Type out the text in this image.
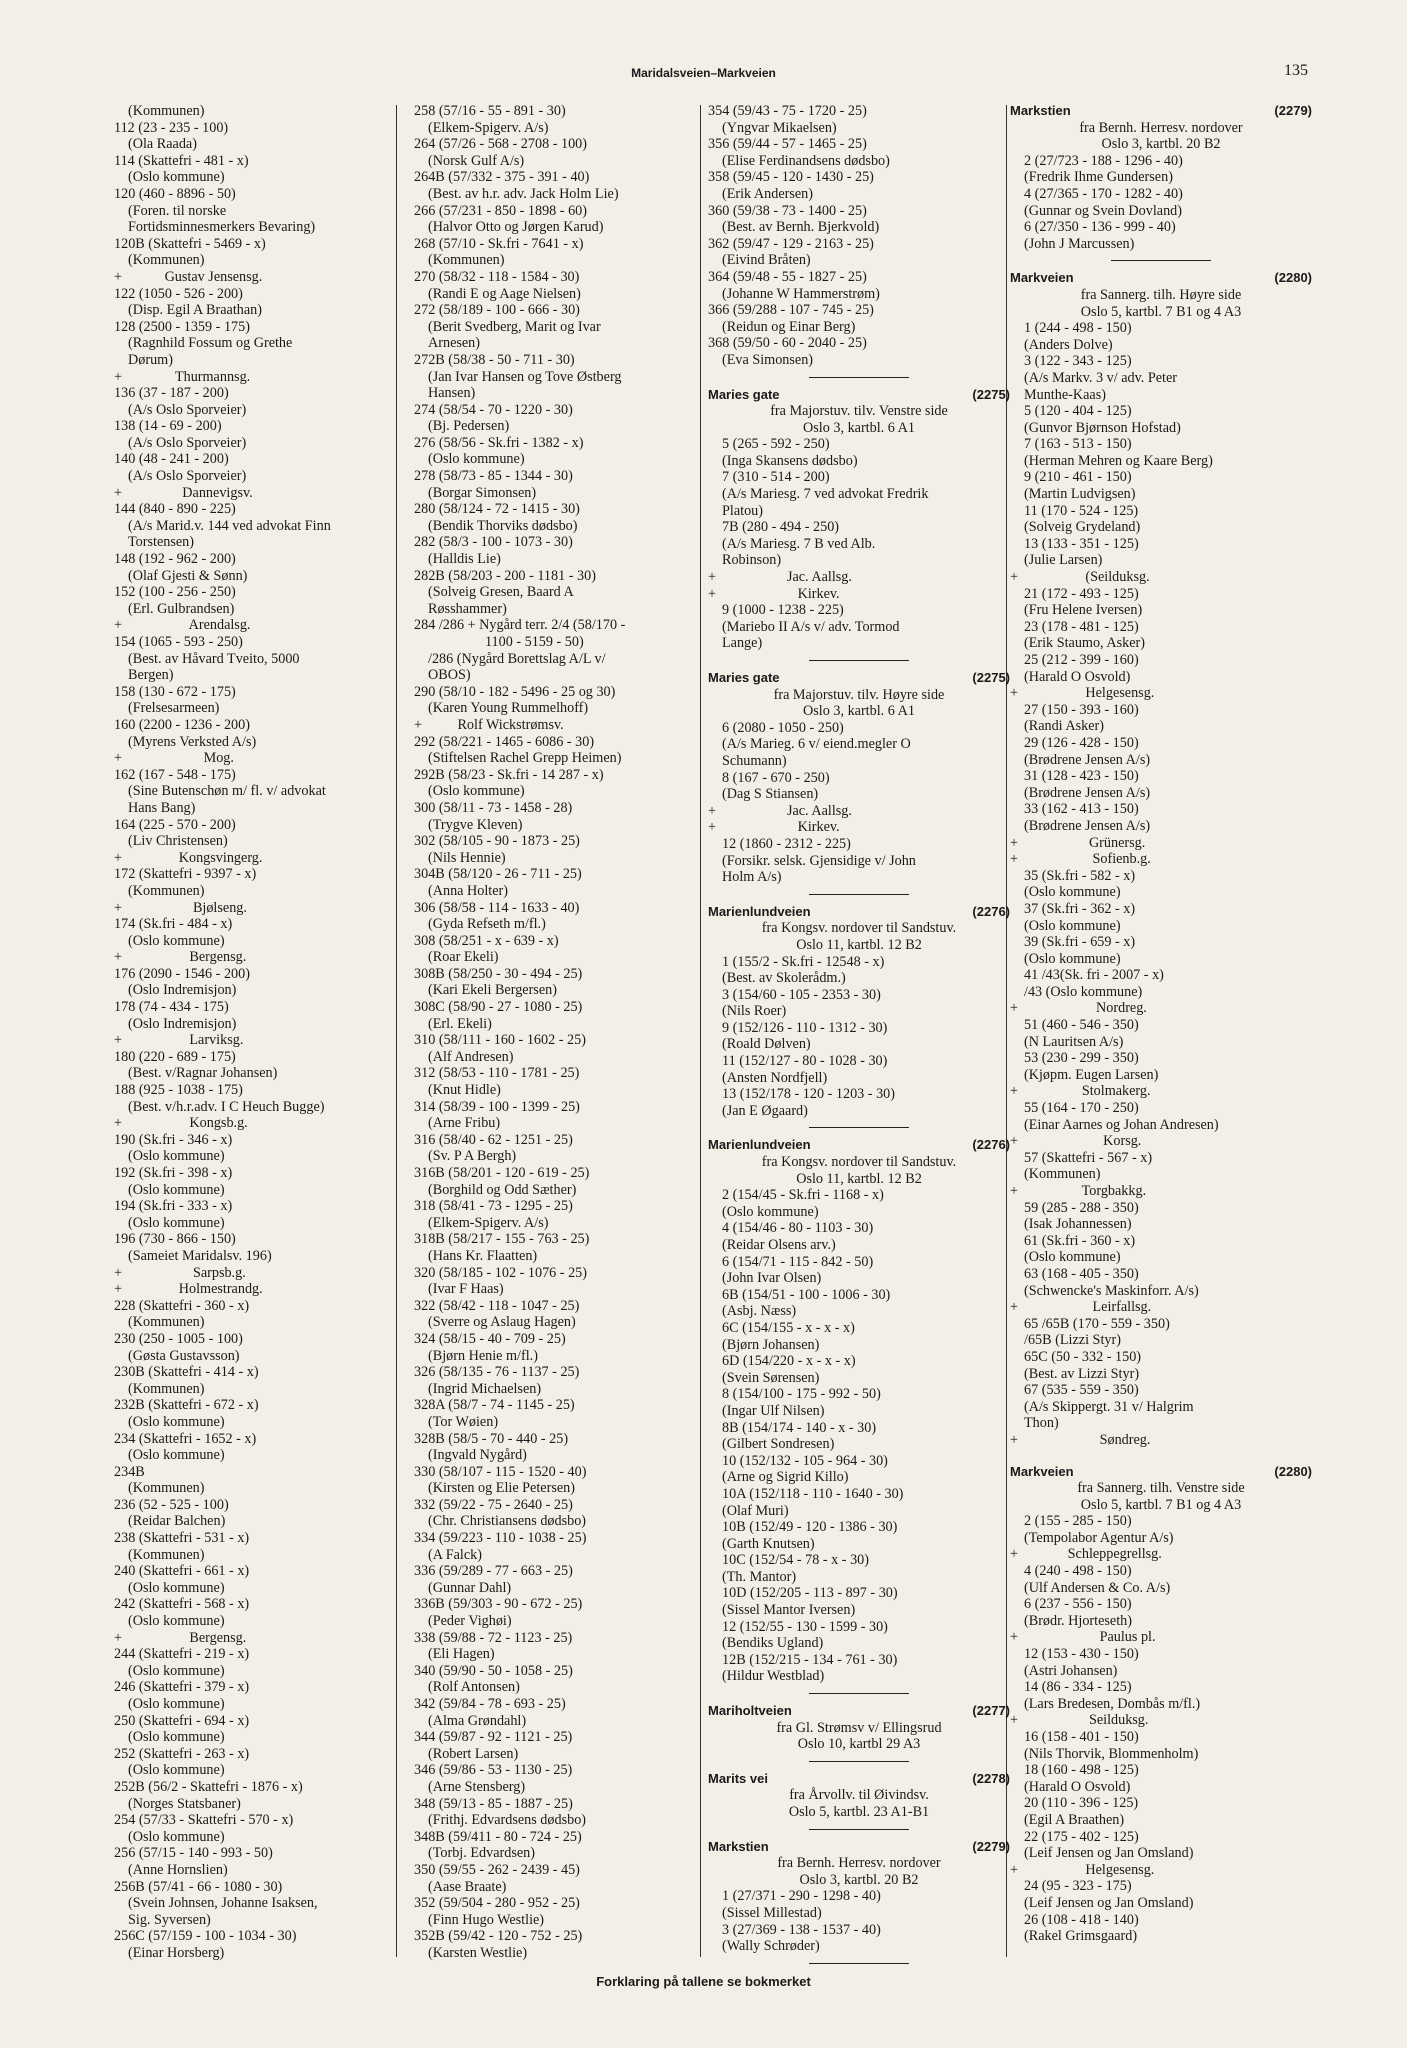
Maridalsveien–Markveien	135
(Kommunen)
112 (23 - 235 - 100)
(Ola Raada)
114 (Skattefri - 481 - x)
(Oslo kommune)
120 (460 - 8896 - 50)
(Foren. til norske
Fortidsminnesmerkers Bevaring)
120B (Skattefri - 5469 - x)
(Kommunen)
+            Gustav Jensensg.
122 (1050 - 526 - 200)
(Disp. Egil A Braathan)
128 (2500 - 1359 - 175)
(Ragnhild Fossum og Grethe
Dørum)
+               Thurmannsg.
136 (37 - 187 - 200)
(A/s Oslo Sporveier)
138 (14 - 69 - 200)
(A/s Oslo Sporveier)
140 (48 - 241 - 200)
(A/s Oslo Sporveier)
+                 Dannevigsv.
144 (840 - 890 - 225)
(A/s Marid.v. 144 ved advokat Finn
Torstensen)
148 (192 - 962 - 200)
(Olaf Gjesti & Sønn)
152 (100 - 256 - 250)
(Erl. Gulbrandsen)
+                   Arendalsg.
154 (1065 - 593 - 250)
(Best. av Håvard Tveito, 5000
Bergen)
158 (130 - 672 - 175)
(Frelsesarmeen)
160 (2200 - 1236 - 200)
(Myrens Verksted A/s)
+                       Mog.
162 (167 - 548 - 175)
(Sine Butenschøn m/ fl. v/ advokat
Hans Bang)
164 (225 - 570 - 200)
(Liv Christensen)
+                Kongsvingerg.
172 (Skattefri - 9397 - x)
(Kommunen)
+                    Bjølseng.
174 (Sk.fri - 484 - x)
(Oslo kommune)
+                   Bergensg.
176 (2090 - 1546 - 200)
(Oslo Indremisjon)
178 (74 - 434 - 175)
(Oslo Indremisjon)
+                   Larviksg.
180 (220 - 689 - 175)
(Best. v/Ragnar Johansen)
188 (925 - 1038 - 175)
(Best. v/h.r.adv. I C Heuch Bugge)
+                   Kongsb.g.
190 (Sk.fri - 346 - x)
(Oslo kommune)
192 (Sk.fri - 398 - x)
(Oslo kommune)
194 (Sk.fri - 333 - x)
(Oslo kommune)
196 (730 - 866 - 150)
(Sameiet Maridalsv. 196)
+                    Sarpsb.g.
+                Holmestrandg.
228 (Skattefri - 360 - x)
(Kommunen)
230 (250 - 1005 - 100)
(Gøsta Gustavsson)
230B (Skattefri - 414 - x)
(Kommunen)
232B (Skattefri - 672 - x)
(Oslo kommune)
234 (Skattefri - 1652 - x)
(Oslo kommune)
234B
(Kommunen)
236 (52 - 525 - 100)
(Reidar Balchen)
238 (Skattefri - 531 - x)
(Kommunen)
240 (Skattefri - 661 - x)
(Oslo kommune)
242 (Skattefri - 568 - x)
(Oslo kommune)
+                   Bergensg.
244 (Skattefri - 219 - x)
(Oslo kommune)
246 (Skattefri - 379 - x)
(Oslo kommune)
250 (Skattefri - 694 - x)
(Oslo kommune)
252 (Skattefri - 263 - x)
(Oslo kommune)
252B (56/2 - Skattefri - 1876 - x)
(Norges Statsbaner)
254 (57/33 - Skattefri - 570 - x)
(Oslo kommune)
256 (57/15 - 140 - 993 - 50)
(Anne Hornslien)
256B (57/41 - 66 - 1080 - 30)
(Svein Johnsen, Johanne Isaksen,
Sig. Syversen)
256C (57/159 - 100 - 1034 - 30)
(Einar Horsberg)
258 (57/16 - 55 - 891 - 30)
(Elkem-Spigerv. A/s)
264 (57/26 - 568 - 2708 - 100)
(Norsk Gulf A/s)
264B (57/332 - 375 - 391 - 40)
(Best. av h.r. adv. Jack Holm Lie)
266 (57/231 - 850 - 1898 - 60)
(Halvor Otto og Jørgen Karud)
268 (57/10 - Sk.fri - 7641 - x)
(Kommunen)
270 (58/32 - 118 - 1584 - 30)
(Randi E og Aage Nielsen)
272 (58/189 - 100 - 666 - 30)
(Berit Svedberg, Marit og Ivar
Arnesen)
272B (58/38 - 50 - 711 - 30)
(Jan Ivar Hansen og Tove Østberg
Hansen)
274 (58/54 - 70 - 1220 - 30)
(Bj. Pedersen)
276 (58/56 - Sk.fri - 1382 - x)
(Oslo kommune)
278 (58/73 - 85 - 1344 - 30)
(Borgar Simonsen)
280 (58/124 - 72 - 1415 - 30)
(Bendik Thorviks dødsbo)
282 (58/3 - 100 - 1073 - 30)
(Halldis Lie)
282B (58/203 - 200 - 1181 - 30)
(Solveig Gresen, Baard A
Røsshammer)
284 /286 + Nygård terr. 2/4 (58/170 -
1100 - 5159 - 50)
/286 (Nygård Borettslag A/L v/
OBOS)
290 (58/10 - 182 - 5496 - 25 og 30)
(Karen Young Rummelhoff)
+          Rolf Wickstrømsv.
292 (58/221 - 1465 - 6086 - 30)
(Stiftelsen Rachel Grepp Heimen)
292B (58/23 - Sk.fri - 14 287 - x)
(Oslo kommune)
300 (58/11 - 73 - 1458 - 28)
(Trygve Kleven)
302 (58/105 - 90 - 1873 - 25)
(Nils Hennie)
304B (58/120 - 26 - 711 - 25)
(Anna Holter)
306 (58/58 - 114 - 1633 - 40)
(Gyda Refseth m/fl.)
308 (58/251 - x - 639 - x)
(Roar Ekeli)
308B (58/250 - 30 - 494 - 25)
(Kari Ekeli Bergersen)
308C (58/90 - 27 - 1080 - 25)
(Erl. Ekeli)
310 (58/111 - 160 - 1602 - 25)
(Alf Andresen)
312 (58/53 - 110 - 1781 - 25)
(Knut Hidle)
314 (58/39 - 100 - 1399 - 25)
(Arne Fribu)
316 (58/40 - 62 - 1251 - 25)
(Sv. P A Bergh)
316B (58/201 - 120 - 619 - 25)
(Borghild og Odd Sæther)
318 (58/41 - 73 - 1295 - 25)
(Elkem-Spigerv. A/s)
318B (58/217 - 155 - 763 - 25)
(Hans Kr. Flaatten)
320 (58/185 - 102 - 1076 - 25)
(Ivar F Haas)
322 (58/42 - 118 - 1047 - 25)
(Sverre og Aslaug Hagen)
324 (58/15 - 40 - 709 - 25)
(Bjørn Henie m/fl.)
326 (58/135 - 76 - 1137 - 25)
(Ingrid Michaelsen)
328A (58/7 - 74 - 1145 - 25)
(Tor Wøien)
328B (58/5 - 70 - 440 - 25)
(Ingvald Nygård)
330 (58/107 - 115 - 1520 - 40)
(Kirsten og Elie Petersen)
332 (59/22 - 75 - 2640 - 25)
(Chr. Christiansens dødsbo)
334 (59/223 - 110 - 1038 - 25)
(A Falck)
336 (59/289 - 77 - 663 - 25)
(Gunnar Dahl)
336B (59/303 - 90 - 672 - 25)
(Peder Vighøi)
338 (59/88 - 72 - 1123 - 25)
(Eli Hagen)
340 (59/90 - 50 - 1058 - 25)
(Rolf Antonsen)
342 (59/84 - 78 - 693 - 25)
(Alma Grøndahl)
344 (59/87 - 92 - 1121 - 25)
(Robert Larsen)
346 (59/86 - 53 - 1130 - 25)
(Arne Stensberg)
348 (59/13 - 85 - 1887 - 25)
(Frithj. Edvardsens dødsbo)
348B (59/411 - 80 - 724 - 25)
(Torbj. Edvardsen)
350 (59/55 - 262 - 2439 - 45)
(Aase Braate)
352 (59/504 - 280 - 952 - 25)
(Finn Hugo Westlie)
352B (59/42 - 120 - 752 - 25)
(Karsten Westlie)
354 (59/43 - 75 - 1720 - 25)
(Yngvar Mikaelsen)
356 (59/44 - 57 - 1465 - 25)
(Elise Ferdinandsens dødsbo)
358 (59/45 - 120 - 1430 - 25)
(Erik Andersen)
360 (59/38 - 73 - 1400 - 25)
(Best. av Bernh. Bjerkvold)
362 (59/47 - 129 - 2163 - 25)
(Eivind Bråten)
364 (59/48 - 55 - 1827 - 25)
(Johanne W Hammerstrøm)
366 (59/288 - 107 - 745 - 25)
(Reidun og Einar Berg)
368 (59/50 - 60 - 2040 - 25)
(Eva Simonsen)
Maries gate	(2275)
fra Majorstuv. tilv. Venstre side
Oslo 3, kartbl. 6 A1
5 (265 - 592 - 250)
(Inga Skansens dødsbo)
7 (310 - 514 - 200)
(A/s Mariesg. 7 ved advokat Fredrik
Platou)
7B (280 - 494 - 250)
(A/s Mariesg. 7 B ved Alb.
Robinson)
+                    Jac. Aallsg.
+                       Kirkev.
9 (1000 - 1238 - 225)
(Mariebo II A/s v/ adv. Tormod
Lange)
Maries gate	(2275)
fra Majorstuv. tilv. Høyre side
Oslo 3, kartbl. 6 A1
6 (2080 - 1050 - 250)
(A/s Marieg. 6 v/ eiend.megler O
Schumann)
8 (167 - 670 - 250)
(Dag S Stiansen)
+                    Jac. Aallsg.
+                       Kirkev.
12 (1860 - 2312 - 225)
(Forsikr. selsk. Gjensidige v/ John
Holm A/s)
Marienlundveien	(2276)
fra Kongsv. nordover til Sandstuv.
Oslo 11, kartbl. 12 B2
1 (155/2 - Sk.fri - 12548 - x)
(Best. av Skolerådm.)
3 (154/60 - 105 - 2353 - 30)
(Nils Roer)
9 (152/126 - 110 - 1312 - 30)
(Roald Dølven)
11 (152/127 - 80 - 1028 - 30)
(Ansten Nordfjell)
13 (152/178 - 120 - 1203 - 30)
(Jan E Øgaard)
Marienlundveien	(2276)
fra Kongsv. nordover til Sandstuv.
Oslo 11, kartbl. 12 B2
2 (154/45 - Sk.fri - 1168 - x)
(Oslo kommune)
4 (154/46 - 80 - 1103 - 30)
(Reidar Olsens arv.)
6 (154/71 - 115 - 842 - 50)
(John Ivar Olsen)
6B (154/51 - 100 - 1006 - 30)
(Asbj. Næss)
6C (154/155 - x - x - x)
(Bjørn Johansen)
6D (154/220 - x - x - x)
(Svein Sørensen)
8 (154/100 - 175 - 992 - 50)
(Ingar Ulf Nilsen)
8B (154/174 - 140 - x - 30)
(Gilbert Sondresen)
10 (152/132 - 105 - 964 - 30)
(Arne og Sigrid Killo)
10A (152/118 - 110 - 1640 - 30)
(Olaf Muri)
10B (152/49 - 120 - 1386 - 30)
(Garth Knutsen)
10C (152/54 - 78 - x - 30)
(Th. Mantor)
10D (152/205 - 113 - 897 - 30)
(Sissel Mantor Iversen)
12 (152/55 - 130 - 1599 - 30)
(Bendiks Ugland)
12B (152/215 - 134 - 761 - 30)
(Hildur Westblad)
Mariholtveien	(2277)
fra Gl. Strømsv v/ Ellingsrud
Oslo 10, kartbl 29 A3
Marits vei	(2278)
fra Årvollv. til Øivindsv.
Oslo 5, kartbl. 23 A1-B1
Markstien	(2279)
fra Bernh. Herresv. nordover
Oslo 3, kartbl. 20 B2
1 (27/371 - 290 - 1298 - 40)
(Sissel Millestad)
3 (27/369 - 138 - 1537 - 40)
(Wally Schrøder)
Markstien	(2279)
fra Bernh. Herresv. nordover
Oslo 3, kartbl. 20 B2
2 (27/723 - 188 - 1296 - 40)
(Fredrik Ihme Gundersen)
4 (27/365 - 170 - 1282 - 40)
(Gunnar og Svein Dovland)
6 (27/350 - 136 - 999 - 40)
(John J Marcussen)
Markveien	(2280)
fra Sannerg. tilh. Høyre side
Oslo 5, kartbl. 7 B1 og 4 A3
1 (244 - 498 - 150)
(Anders Dolve)
3 (122 - 343 - 125)
(A/s Markv. 3 v/ adv. Peter
Munthe-Kaas)
5 (120 - 404 - 125)
(Gunvor Bjørnson Hofstad)
7 (163 - 513 - 150)
(Herman Mehren og Kaare Berg)
9 (210 - 461 - 150)
(Martin Ludvigsen)
11 (170 - 524 - 125)
(Solveig Grydeland)
13 (133 - 351 - 125)
(Julie Larsen)
+                   (Seilduksg.
21 (172 - 493 - 125)
(Fru Helene Iversen)
23 (178 - 481 - 125)
(Erik Staumo, Asker)
25 (212 - 399 - 160)
(Harald O Osvold)
+                   Helgesensg.
27 (150 - 393 - 160)
(Randi Asker)
29 (126 - 428 - 150)
(Brødrene Jensen A/s)
31 (128 - 423 - 150)
(Brødrene Jensen A/s)
33 (162 - 413 - 150)
(Brødrene Jensen A/s)
+                    Grünersg.
+                     Sofienb.g.
35 (Sk.fri - 582 - x)
(Oslo kommune)
37 (Sk.fri - 362 - x)
(Oslo kommune)
39 (Sk.fri - 659 - x)
(Oslo kommune)
41 /43(Sk. fri - 2007 - x)
/43 (Oslo kommune)
+                      Nordreg.
51 (460 - 546 - 350)
(N Lauritsen A/s)
53 (230 - 299 - 350)
(Kjøpm. Eugen Larsen)
+                  Stolmakerg.
55 (164 - 170 - 250)
(Einar Aarnes og Johan Andresen)
+                        Korsg.
57 (Skattefri - 567 - x)
(Kommunen)
+                  Torgbakkg.
59 (285 - 288 - 350)
(Isak Johannessen)
61 (Sk.fri - 360 - x)
(Oslo kommune)
63 (168 - 405 - 350)
(Schwencke's Maskinforr. A/s)
+                     Leirfallsg.
65 /65B (170 - 559 - 350)
/65B (Lizzi Styr)
65C (50 - 332 - 150)
(Best. av Lizzi Styr)
67 (535 - 559 - 350)
(A/s Skippergt. 31 v/ Halgrim
Thon)
+                       Søndreg.
Markveien	(2280)
fra Sannerg. tilh. Venstre side
Oslo 5, kartbl. 7 B1 og 4 A3
2 (155 - 285 - 150)
(Tempolabor Agentur A/s)
+              Schleppegrellsg.
4 (240 - 498 - 150)
(Ulf Andersen & Co. A/s)
6 (237 - 556 - 150)
(Brødr. Hjorteseth)
+                       Paulus pl.
12 (153 - 430 - 150)
(Astri Johansen)
14 (86 - 334 - 125)
(Lars Bredesen, Dombås m/fl.)
+                    Seilduksg.
16 (158 - 401 - 150)
(Nils Thorvik, Blommenholm)
18 (160 - 498 - 125)
(Harald O Osvold)
20 (110 - 396 - 125)
(Egil A Braathen)
22 (175 - 402 - 125)
(Leif Jensen og Jan Omsland)
+                   Helgesensg.
24 (95 - 323 - 175)
(Leif Jensen og Jan Omsland)
26 (108 - 418 - 140)
(Rakel Grimsgaard)
Forklaring på tallene se bokmerket
